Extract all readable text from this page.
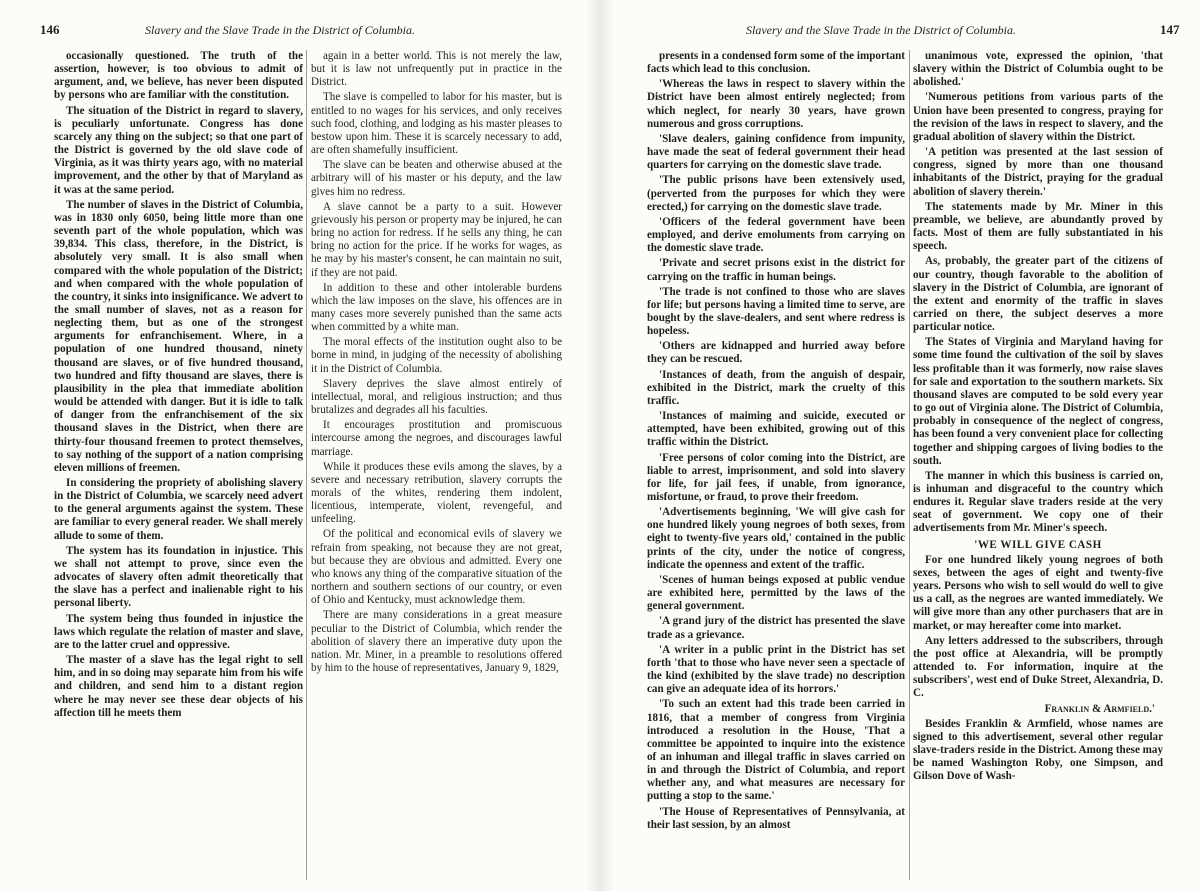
146	Slavery and the Slave Trade in the District of Columbia.

occasionally questioned. The truth of the assertion, however, is too obvious to admit of argument, and, we believe, has never been disputed by persons who are familiar with the constitution.

The situation of the District in regard to slavery, is peculiarly unfortunate. Congress has done scarcely any thing on the subject; so that one part of the District is governed by the old slave code of Virginia, as it was thirty years ago, with no material improvement, and the other by that of Maryland as it was at the same period.

The number of slaves in the District of Columbia, was in 1830 only 6050, being little more than one seventh part of the whole population, which was 39,834. This class, therefore, in the District, is absolutely very small. It is also small when compared with the whole population of the District; and when compared with the whole population of the country, it sinks into insignificance. We advert to the small number of slaves, not as a reason for neglecting them, but as one of the strongest arguments for enfranchisement. Where, in a population of one hundred thousand, ninety thousand are slaves, or of five hundred thousand, two hundred and fifty thousand are slaves, there is plausibility in the plea that immediate abolition would be attended with danger. But it is idle to talk of danger from the enfranchisement of the six thousand slaves in the District, when there are thirty-four thousand freemen to protect themselves, to say nothing of the support of a nation comprising eleven millions of freemen.

In considering the propriety of abolishing slavery in the District of Columbia, we scarcely need advert to the general arguments against the system. These are familiar to every general reader. We shall merely allude to some of them.

The system has its foundation in injustice. This we shall not attempt to prove, since even the advocates of slavery often admit theoretically that the slave has a perfect and inalienable right to his personal liberty.

The system being thus founded in injustice the laws which regulate the relation of master and slave, are to the latter cruel and oppressive.

The master of a slave has the legal right to sell him, and in so doing may separate him from his wife and children, and send him to a distant region where he may never see these dear objects of his affection till he meets them

again in a better world. This is not merely the law, but it is law not unfrequently put in practice in the District.

The slave is compelled to labor for his master, but is entitled to no wages for his services, and only receives such food, clothing, and lodging as his master pleases to bestow upon him. These it is scarcely necessary to add, are often shamefully insufficient.

The slave can be beaten and otherwise abused at the arbitrary will of his master or his deputy, and the law gives him no redress.

A slave cannot be a party to a suit. However grievously his person or property may be injured, he can bring no action for redress. If he sells any thing, he can bring no action for the price. If he works for wages, as he may by his master's consent, he can maintain no suit, if they are not paid.

In addition to these and other intolerable burdens which the law imposes on the slave, his offences are in many cases more severely punished than the same acts when committed by a white man.

The moral effects of the institution ought also to be borne in mind, in judging of the necessity of abolishing it in the District of Columbia.

Slavery deprives the slave almost entirely of intellectual, moral, and religious instruction; and thus brutalizes and degrades all his faculties.

It encourages prostitution and promiscuous intercourse among the negroes, and discourages lawful marriage.

While it produces these evils among the slaves, by a severe and necessary retribution, slavery corrupts the morals of the whites, rendering them indolent, licentious, intemperate, violent, revengeful, and unfeeling.

Of the political and economical evils of slavery we refrain from speaking, not because they are not great, but because they are obvious and admitted. Every one who knows any thing of the comparative situation of the northern and southern sections of our country, or even of Ohio and Kentucky, must acknowledge them.

There are many considerations in a great measure peculiar to the District of Columbia, which render the abolition of slavery there an imperative duty upon the nation. Mr. Miner, in a preamble to resolutions offered by him to the house of representatives, January 9, 1829,

Slavery and the Slave Trade in the District of Columbia.	147

presents in a condensed form some of the important facts which lead to this conclusion.

'Whereas the laws in respect to slavery within the District have been almost entirely neglected; from which neglect, for nearly 30 years, have grown numerous and gross corruptions.

'Slave dealers, gaining confidence from impunity, have made the seat of federal government their head quarters for carrying on the domestic slave trade.

'The public prisons have been extensively used, (perverted from the purposes for which they were erected,) for carrying on the domestic slave trade.

'Officers of the federal government have been employed, and derive emoluments from carrying on the domestic slave trade.

'Private and secret prisons exist in the district for carrying on the traffic in human beings.

'The trade is not confined to those who are slaves for life; but persons having a limited time to serve, are bought by the slave-dealers, and sent where redress is hopeless.

'Others are kidnapped and hurried away before they can be rescued.

'Instances of death, from the anguish of despair, exhibited in the District, mark the cruelty of this traffic.

'Instances of maiming and suicide, executed or attempted, have been exhibited, growing out of this traffic within the District.

'Free persons of color coming into the District, are liable to arrest, imprisonment, and sold into slavery for life, for jail fees, if unable, from ignorance, misfortune, or fraud, to prove their freedom.

'Advertisements beginning, 'We will give cash for one hundred likely young negroes of both sexes, from eight to twenty-five years old,' contained in the public prints of the city, under the notice of congress, indicate the openness and extent of the traffic.

'Scenes of human beings exposed at public vendue are exhibited here, permitted by the laws of the general government.

'A grand jury of the district has presented the slave trade as a grievance.

'A writer in a public print in the District has set forth 'that to those who have never seen a spectacle of the kind (exhibited by the slave trade) no description can give an adequate idea of its horrors.'

'To such an extent had this trade been carried in 1816, that a member of congress from Virginia introduced a resolution in the House, 'That a committee be appointed to inquire into the existence of an inhuman and illegal traffic in slaves carried on in and through the District of Columbia, and report whether any, and what measures are necessary for putting a stop to the same.'

'The House of Representatives of Pennsylvania, at their last session, by an almost

unanimous vote, expressed the opinion, 'that slavery within the District of Columbia ought to be abolished.'

'Numerous petitions from various parts of the Union have been presented to congress, praying for the revision of the laws in respect to slavery, and the gradual abolition of slavery within the District.

'A petition was presented at the last session of congress, signed by more than one thousand inhabitants of the District, praying for the gradual abolition of slavery therein.'

The statements made by Mr. Miner in this preamble, we believe, are abundantly proved by facts. Most of them are fully substantiated in his speech.

As, probably, the greater part of the citizens of our country, though favorable to the abolition of slavery in the District of Columbia, are ignorant of the extent and enormity of the traffic in slaves carried on there, the subject deserves a more particular notice.

The States of Virginia and Maryland having for some time found the cultivation of the soil by slaves less profitable than it was formerly, now raise slaves for sale and exportation to the southern markets. Six thousand slaves are computed to be sold every year to go out of Virginia alone. The District of Columbia, probably in consequence of the neglect of congress, has been found a very convenient place for collecting together and shipping cargoes of living bodies to the south.

The manner in which this business is carried on, is inhuman and disgraceful to the country which endures it. Regular slave traders reside at the very seat of government. We copy one of their advertisements from Mr. Miner's speech.

'WE WILL GIVE CASH

For one hundred likely young negroes of both sexes, between the ages of eight and twenty-five years. Persons who wish to sell would do well to give us a call, as the negroes are wanted immediately. We will give more than any other purchasers that are in market, or may hereafter come into market.

Any letters addressed to the subscribers, through the post office at Alexandria, will be promptly attended to. For information, inquire at the subscribers', west end of Duke Street, Alexandria, D. C.

Franklin & Armfield.'

Besides Franklin & Armfield, whose names are signed to this advertisement, several other regular slave-traders reside in the District. Among these may be named Washington Roby, one Simpson, and Gilson Dove of Wash-
